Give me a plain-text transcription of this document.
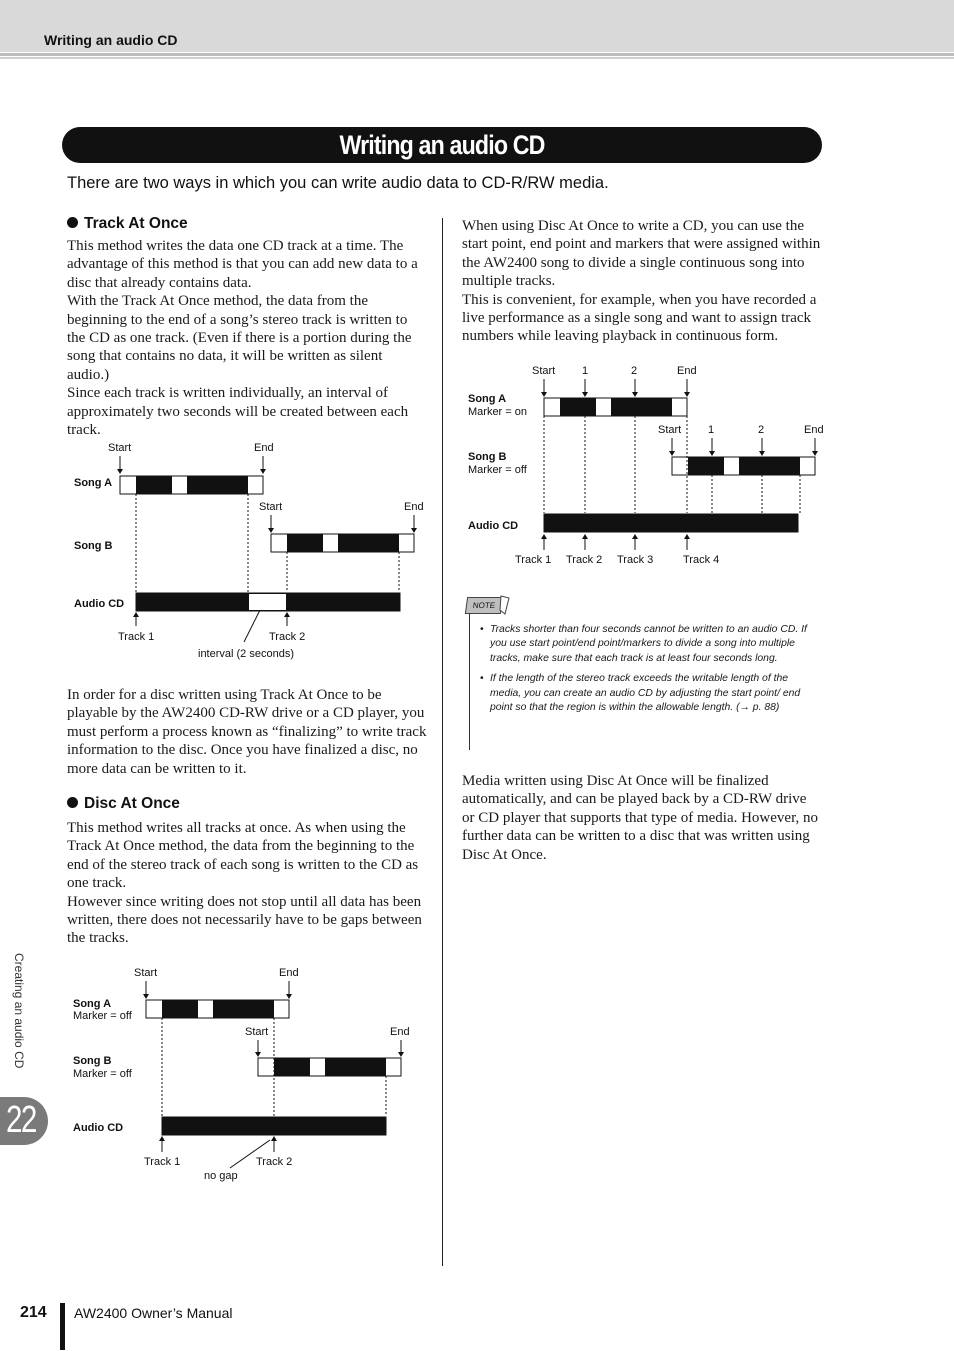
Writing an audio CD
Writing an audio CD
There are two ways in which you can write audio data to CD-R/RW media.
Track At Once

This method writes the data one CD track at a time. The advantage of this method is that you can add new data to a disc that already contains data.

With the Track At Once method, the data from the beginning to the end of a song’s stereo track is written to the CD as one track. (Even if there is a portion during the song that contains no data, it will be written as silent audio.)

Since each track is written individually, an interval of approximately two seconds will be created between each track.

Start	End
Song A
Start	End
Song B
Audio CD
Track 1	Track 2
interval (2 seconds)

In order for a disc written using Track At Once to be playable by the AW2400 CD-RW drive or a CD player, you must perform a process known as “finalizing” to write track information to the disc. Once you have finalized a disc, no more data can be written to it.

Disc At Once

This method writes all tracks at once. As when using the Track At Once method, the data from the beginning to the end of the stereo track of each song is written to the CD as one track.

However since writing does not stop until all data has been written, there does not necessarily have to be gaps between the tracks.

Start	End
Song A
Marker = off
Start	End
Song B
Marker = off
Audio CD
Track 1	Track 2
no gap

When using Disc At Once to write a CD, you can use the start point, end point and markers that were assigned within the AW2400 song to divide a single continuous song into multiple tracks.

This is convenient, for example, when you have recorded a live performance as a single song and want to assign track numbers while leaving playback in continuous form.

Start 1	2	End
Song A
Marker = on
Start 1	2	End
Song B
Marker = off
Audio CD
Track 1 Track 2 Track 3	Track 4
NOTE
• Tracks shorter than four seconds cannot be written to an audio CD. If you use start point/end point/markers to divide a song into multiple tracks, make sure that each track is at least four seconds long.
• If the length of the stereo track exceeds the writable length of the media, you can create an audio CD by adjusting the start point/ end point so that the region is within the allowable length. (→ p. 88)

Media written using Disc At Once will be finalized automatically, and can be played back by a CD-RW drive or CD player that supports that type of media. However, no further data can be written to a disc that was written using Disc At Once.

Creating an audio CD
22
214 AW2400 Owner’s Manual
